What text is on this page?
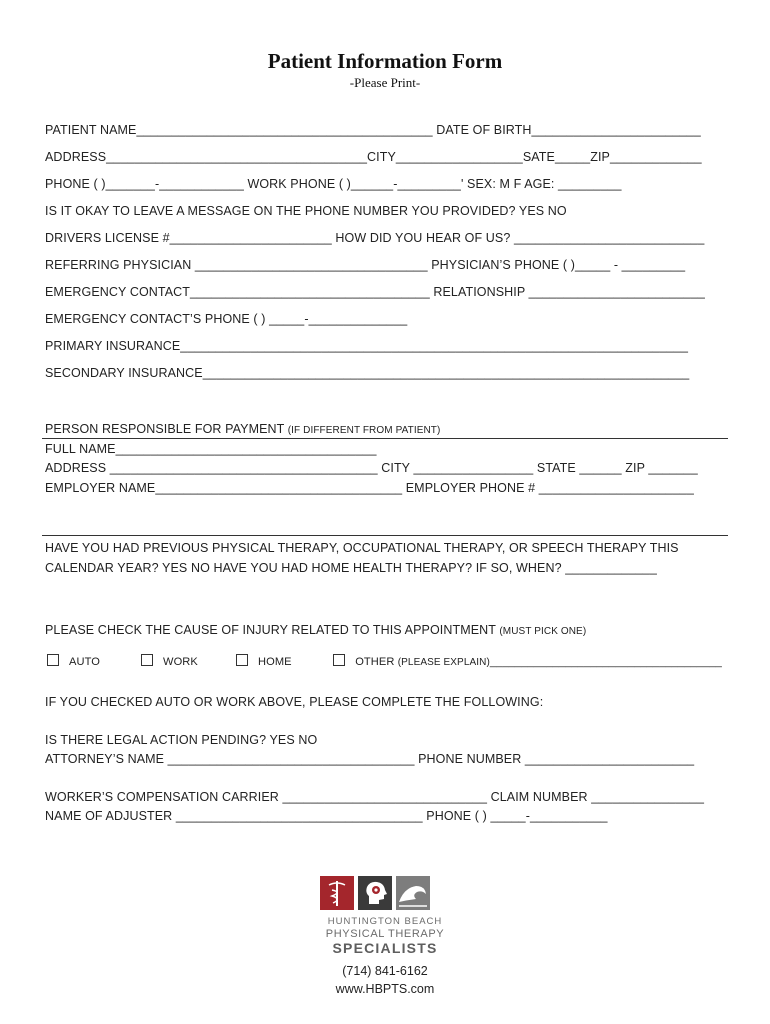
Patient Information Form
-Please Print-
PATIENT NAME__________________________________________ DATE OF BIRTH________________________
ADDRESS_____________________________________CITY__________________SATE_____ZIP_____________
PHONE ( )_______-____________ WORK PHONE ( )______-_________' SEX: M F AGE: _________
IS IT OKAY TO LEAVE A MESSAGE ON THE PHONE NUMBER YOU PROVIDED? YES NO
DRIVERS LICENSE #_______________________ HOW DID YOU HEAR OF US? ___________________________
REFERRING PHYSICIAN _________________________________ PHYSICIAN’S PHONE ( )_____ - _________
EMERGENCY CONTACT__________________________________ RELATIONSHIP _________________________
EMERGENCY CONTACT’S PHONE ( ) _____-______________
PRIMARY INSURANCE________________________________________________________________________
SECONDARY INSURANCE_____________________________________________________________________
PERSON RESPONSIBLE FOR PAYMENT (IF DIFFERENT FROM PATIENT)
FULL NAME_____________________________________
ADDRESS ______________________________________ CITY _________________ STATE ______ ZIP _______
EMPLOYER NAME___________________________________ EMPLOYER PHONE # ______________________
HAVE YOU HAD PREVIOUS PHYSICAL THERAPY, OCCUPATIONAL THERAPY, OR SPEECH THERAPY THIS
CALENDAR YEAR? YES NO HAVE YOU HAD HOME HEALTH THERAPY? IF SO, WHEN? _____________
PLEASE CHECK THE CAUSE OF INJURY RELATED TO THIS APPOINTMENT (MUST PICK ONE)
AUTO	WORK	HOME	OTHER (PLEASE EXPLAIN)_____________________________________
IF YOU CHECKED AUTO OR WORK ABOVE, PLEASE COMPLETE THE FOLLOWING:
IS THERE LEGAL ACTION PENDING? YES NO
ATTORNEY’S NAME ___________________________________ PHONE NUMBER ________________________
WORKER’S COMPENSATION CARRIER _____________________________ CLAIM NUMBER ________________
NAME OF ADJUSTER ___________________________________ PHONE ( ) _____-___________
HUNTINGTON BEACH
PHYSICAL THERAPY
SPECIALISTS
(714) 841-6162
www.HBPTS.com
